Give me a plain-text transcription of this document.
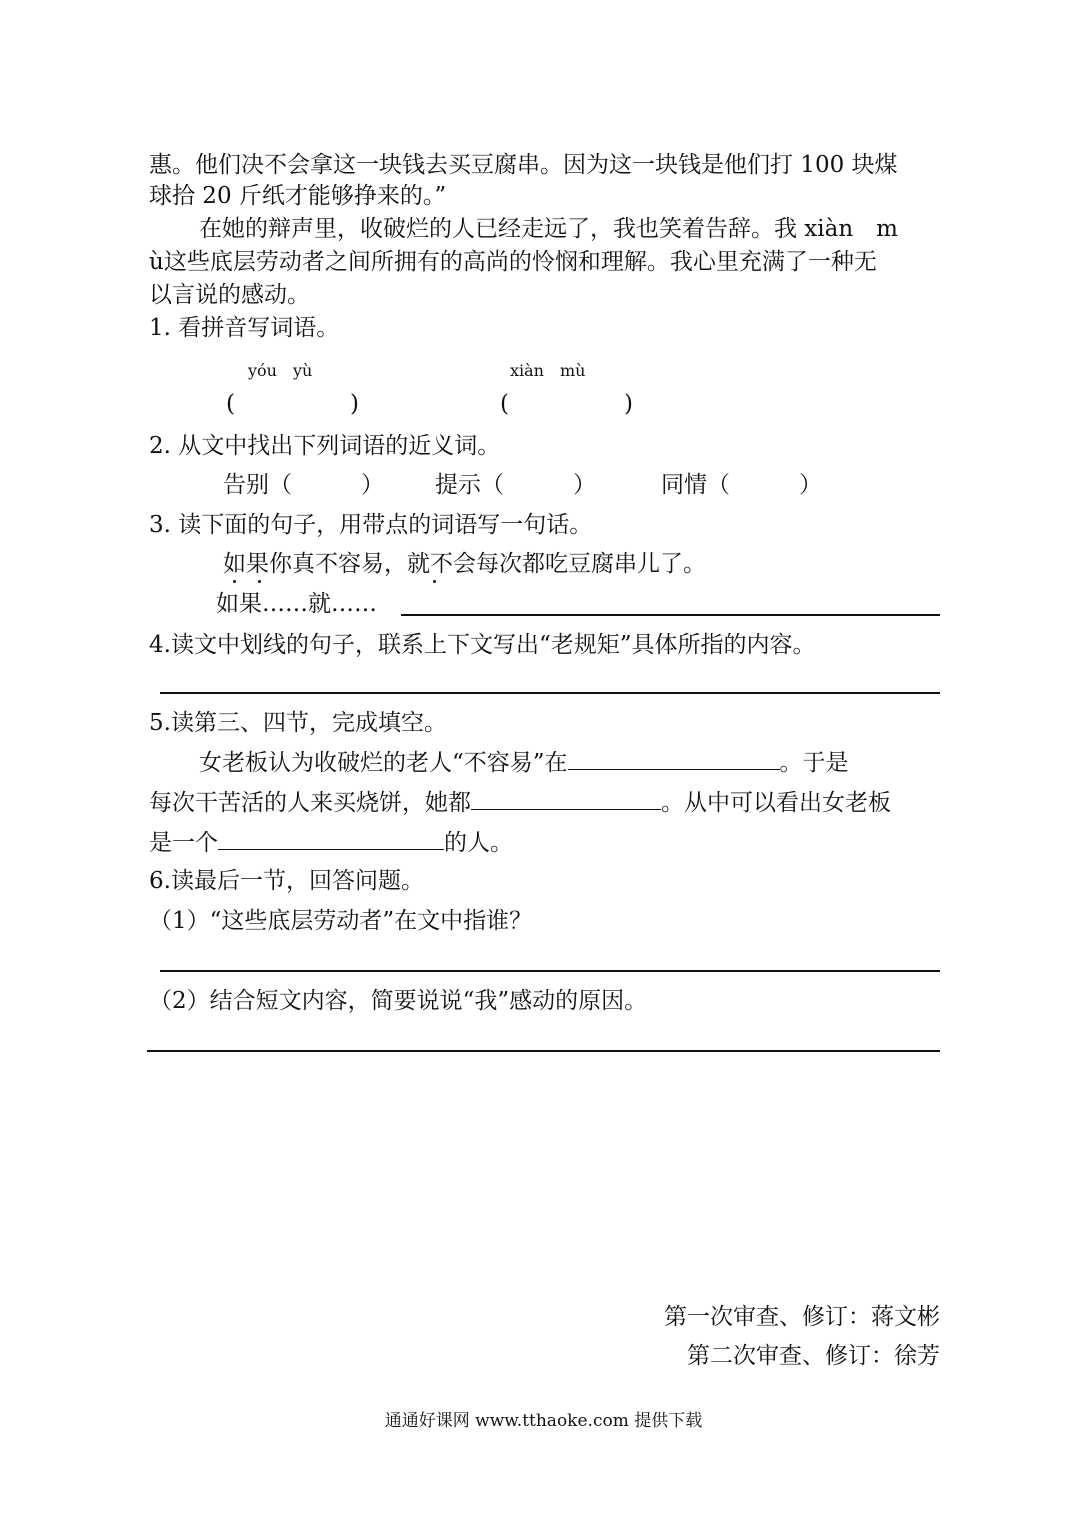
惠。他们决不会拿这一块钱去买豆腐串。因为这一块钱是他们打 100 块煤
球拾 20 斤纸才能够挣来的。”
在她的辩声里，收破烂的人已经走远了，我也笑着告辞。我 xiàn　m
ù这些底层劳动者之间所拥有的高尚的怜悯和理解。我心里充满了一种无
以言说的感动。
1. 看拼音写词语。
yóu　yù	xiàn　mù
(　　　　　)	(　　　　　)
2. 从文中找出下列词语的近义词。
告别（　　　） 提示（　　　）	同情（　　　）
3. 读下面的句子，用带点的词语写一句话。
如果你真不容易，就不会每次都吃豆腐串儿了。
如果……就……
4.读文中划线的句子，联系上下文写出“老规矩”具体所指的内容。
5.读第三、四节，完成填空。
女老板认为收破烂的老人“不容易”在	。于是
每次干苦活的人来买烧饼，她都	。从中可以看出女老板
是一个	的人。
6.读最后一节，回答问题。
（1）“这些底层劳动者”在文中指谁？
（2）结合短文内容，简要说说“我”感动的原因。
第一次审查、修订：蒋文彬
第二次审查、修订：徐芳
通通好课网 www.tthaoke.com 提供下载
